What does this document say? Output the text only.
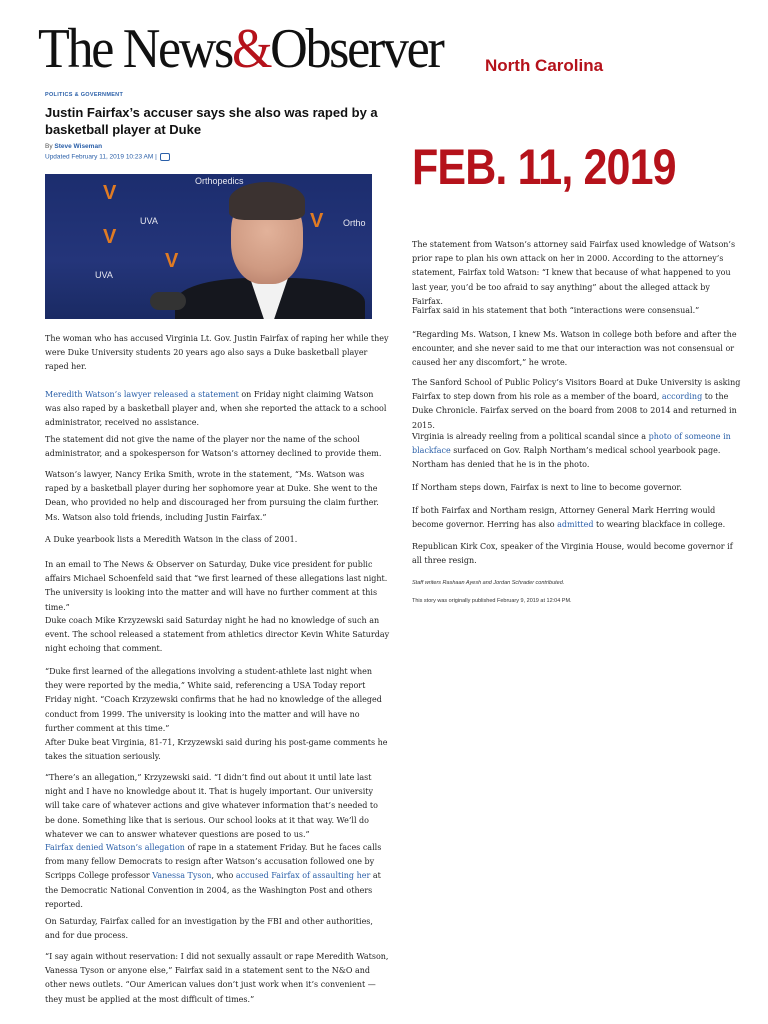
The News&Observer	North Carolina
FEB. 11, 2019
POLITICS & GOVERNMENT
Justin Fairfax’s accuser says she also was raped by a basketball player at Duke
By Steve Wiseman
Updated February 11, 2019 10:23 AM |
Orthopedics
UVA
UVA
Ortho
V
V
V
V

The woman who has accused Virginia Lt. Gov. Justin Fairfax of raping her while they were Duke University students 20 years ago also says a Duke basketball player raped her.

Meredith Watson’s lawyer released a statement on Friday night claiming Watson was also raped by a basketball player and, when she reported the attack to a school administrator, received no assistance.

The statement did not give the name of the player nor the name of the school administrator, and a spokesperson for Watson’s attorney declined to provide them.

Watson’s lawyer, Nancy Erika Smith, wrote in the statement, “Ms. Watson was raped by a basketball player during her sophomore year at Duke. She went to the Dean, who provided no help and discouraged her from pursuing the claim further. Ms. Watson also told friends, including Justin Fairfax.”

A Duke yearbook lists a Meredith Watson in the class of 2001.

In an email to The News & Observer on Saturday, Duke vice president for public affairs Michael Schoenfeld said that “we first learned of these allegations last night. The university is looking into the matter and will have no further comment at this time.”

Duke coach Mike Krzyzewski said Saturday night he had no knowledge of such an event. The school released a statement from athletics director Kevin White Saturday night echoing that comment.

“Duke first learned of the allegations involving a student-athlete last night when they were reported by the media,” White said, referencing a USA Today report Friday night. “Coach Krzyzewski confirms that he had no knowledge of the alleged conduct from 1999. The university is looking into the matter and will have no further comment at this time.”

After Duke beat Virginia, 81-71, Krzyzewski said during his post-game comments he takes the situation seriously.

“There’s an allegation,” Krzyzewski said. “I didn’t find out about it until late last night and I have no knowledge about it. That is hugely important. Our university will take care of whatever actions and give whatever information that’s needed to be done. Something like that is serious. Our school looks at it that way. We’ll do whatever we can to answer whatever questions are posed to us.”

Fairfax denied Watson’s allegation of rape in a statement Friday. But he faces calls from many fellow Democrats to resign after Watson’s accusation followed one by Scripps College professor Vanessa Tyson, who accused Fairfax of assaulting her at the Democratic National Convention in 2004, as the Washington Post and others reported.

On Saturday, Fairfax called for an investigation by the FBI and other authorities, and for due process.

“I say again without reservation: I did not sexually assault or rape Meredith Watson, Vanessa Tyson or anyone else,” Fairfax said in a statement sent to the N&O and other news outlets. “Our American values don’t just work when it’s convenient — they must be applied at the most difficult of times.”

The statement from Watson’s attorney said Fairfax used knowledge of Watson’s prior rape to plan his own attack on her in 2000. According to the attorney’s statement, Fairfax told Watson: “I knew that because of what happened to you last year, you’d be too afraid to say anything” about the alleged attack by Fairfax.

Fairfax said in his statement that both “interactions were consensual.”

“Regarding Ms. Watson, I knew Ms. Watson in college both before and after the encounter, and she never said to me that our interaction was not consensual or caused her any discomfort,” he wrote.

The Sanford School of Public Policy’s Visitors Board at Duke University is asking Fairfax to step down from his role as a member of the board, according to the Duke Chronicle. Fairfax served on the board from 2008 to 2014 and returned in 2015.

Virginia is already reeling from a political scandal since a photo of someone in blackface surfaced on Gov. Ralph Northam’s medical school yearbook page. Northam has denied that he is in the photo.

If Northam steps down, Fairfax is next to line to become governor.

If both Fairfax and Northam resign, Attorney General Mark Herring would become governor. Herring has also admitted to wearing blackface in college.

Republican Kirk Cox, speaker of the Virginia House, would become governor if all three resign.

Staff writers Rashaan Ayesh and Jordan Schrader contributed.

This story was originally published February 9, 2019 at 12:04 PM.
